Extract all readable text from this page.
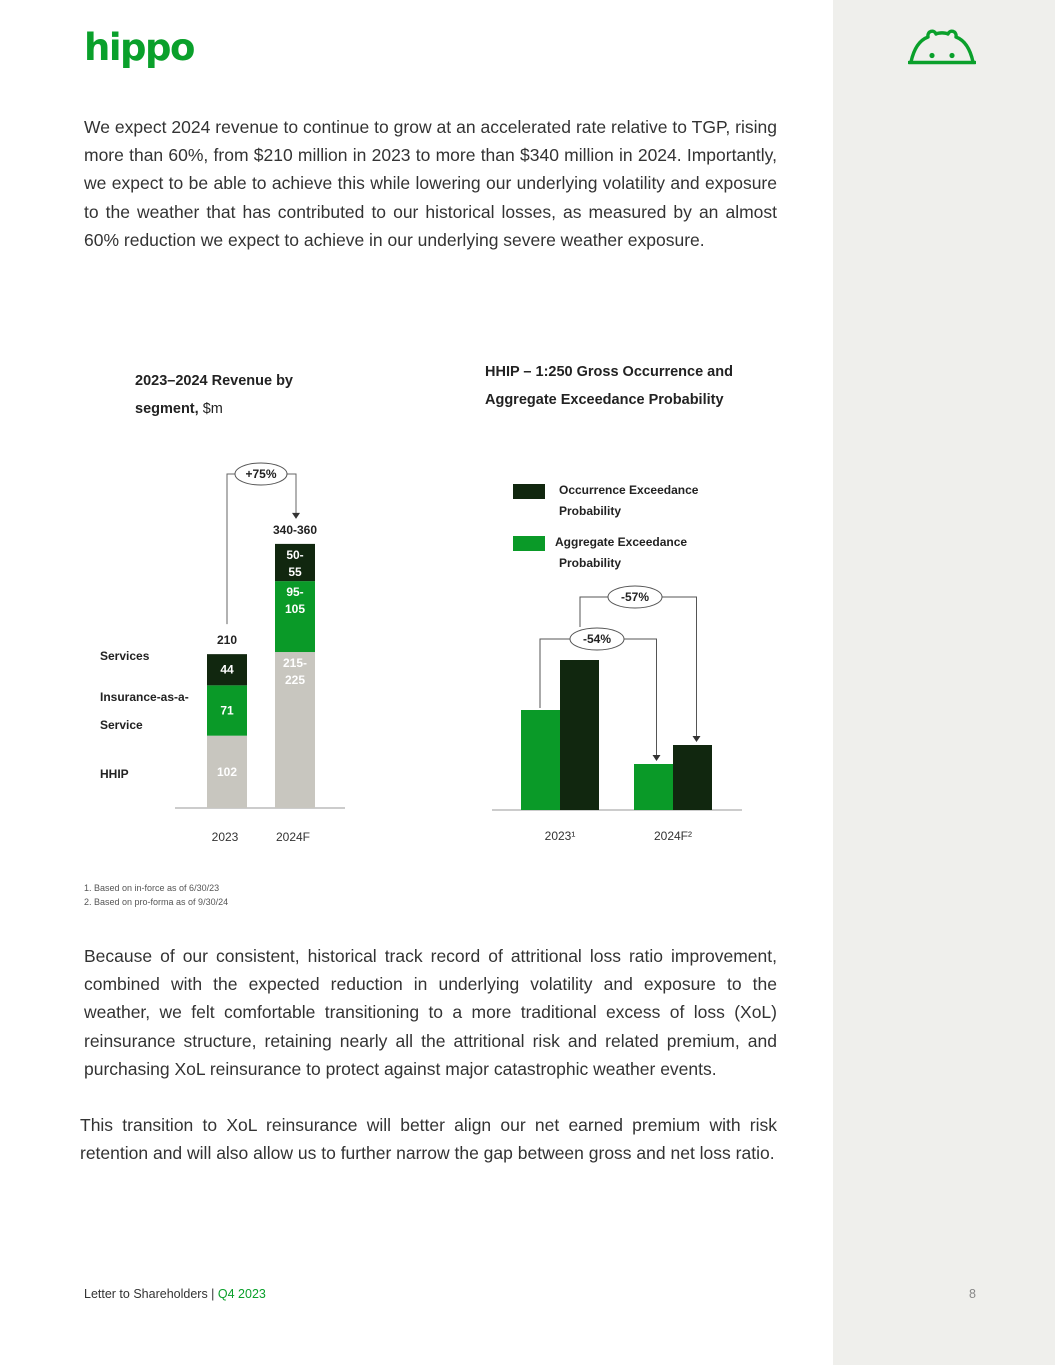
hippo
We expect 2024 revenue to continue to grow at an accelerated rate relative to TGP, rising more than 60%, from $210 million in 2023 to more than $340 million in 2024. Importantly, we expect to be able to achieve this while lowering our underlying volatility and exposure to the weather that has contributed to our historical losses, as measured by an almost 60% reduction we expect to achieve in our underlying severe weather exposure.
2023–2024 Revenue by segment, $m
HHIP – 1:250 Gross Occurrence and Aggregate Exceedance Probability
102
71
44
210
2023
215-225
95-105
50-55
340-360
2024F
+75%
Services
Insurance-as-a-
Service
HHIP
Occurrence Exceedance
Probability
Aggregate Exceedance
Probability
2023¹	2024F²
-54%
-57%
1. Based on in-force as of 6/30/23
2. Based on pro-forma as of 9/30/24
Because of our consistent, historical track record of attritional loss ratio improvement, combined with the expected reduction in underlying volatility and exposure to the weather, we felt comfortable transitioning to a more traditional excess of loss (XoL) reinsurance structure, retaining nearly all the attritional risk and related premium, and purchasing XoL reinsurance to protect against major catastrophic weather events.
This transition to XoL reinsurance will better align our net earned premium with risk retention and will also allow us to further narrow the gap between gross and net loss ratio.
Letter to Shareholders | Q4 2023	8
